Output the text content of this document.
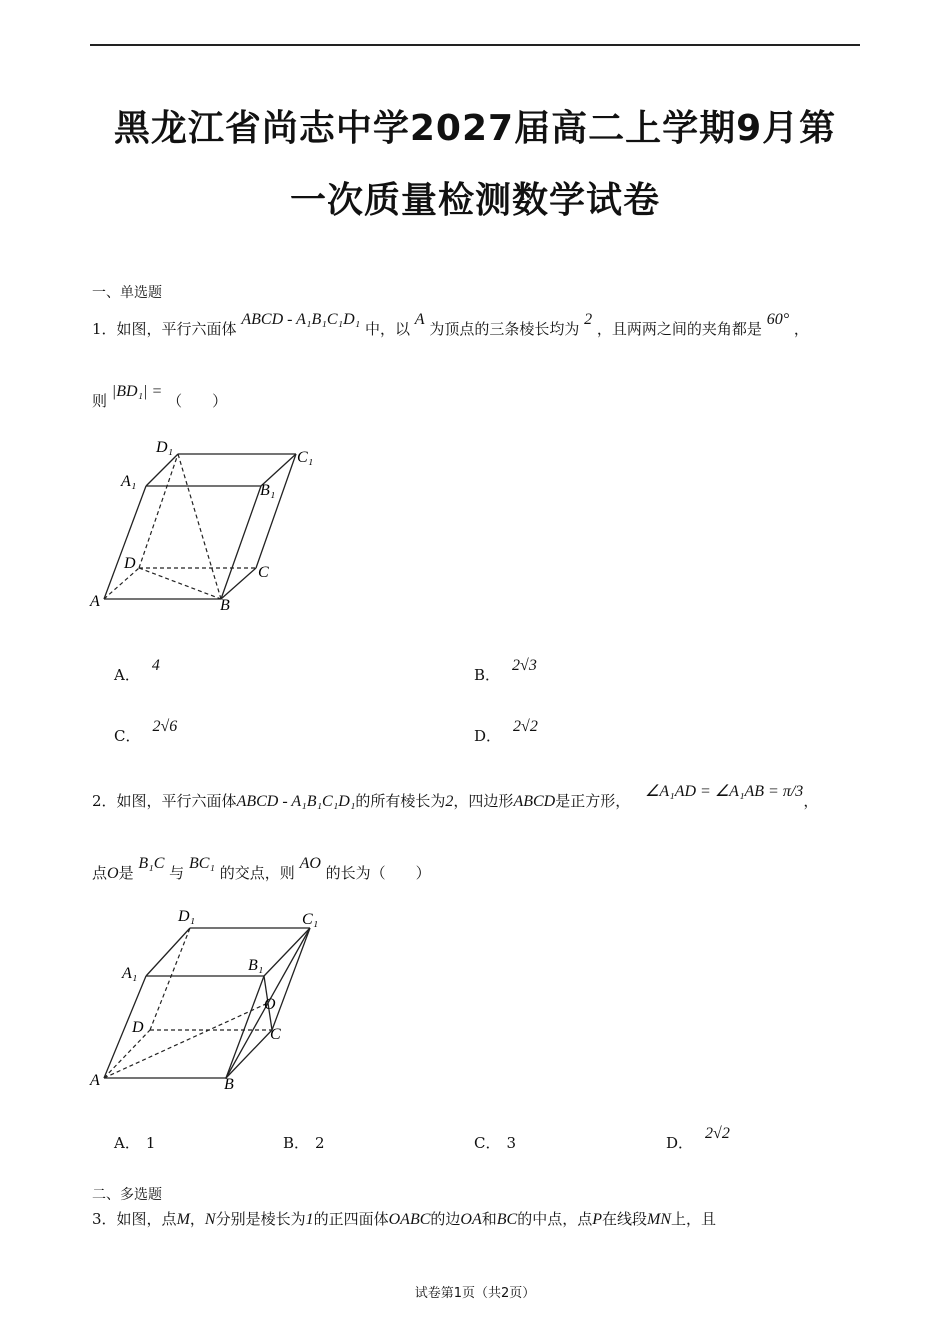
黑龙江省尚志中学2027届高二上学期9月第
一次质量检测数学试卷
一、单选题
1．如图，平行六面体 ABCD - A₁B₁C₁D₁ 中，以 A 为顶点的三条棱长均为 2 ，且两两之间的夹角都是 60° ，
则 |BD₁| = （　　）
A	B
C
D
A₁
B₁
C₁
D₁
A．4
B．2√3
C．2√6
D．2√2
2．如图，平行六面体ABCD - A₁B₁C₁D₁的所有棱长为2，四边形ABCD是正方形， ∠A₁AD = ∠A₁AB = π/3，
点O是 B₁C 与 BC₁ 的交点，则 AO 的长为（　　）
A	B
C
D
A₁	B₁
C₁
D₁
O
A． 1	B． 2	C． 3	D．2√2
二、多选题
3．如图，点M，N分别是棱长为1的正四面体OABC的边OA和BC的中点，点P在线段MN上，且
试卷第1页（共2页）
